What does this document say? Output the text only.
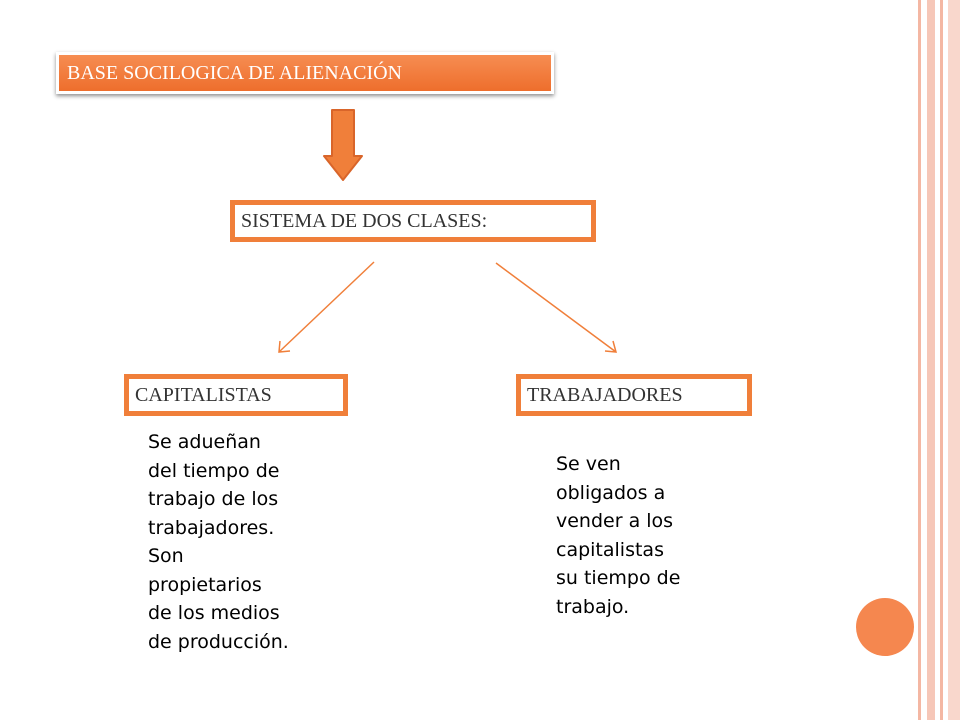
BASE SOCILOGICA DE ALIENACIÓN
SISTEMA DE DOS CLASES:
CAPITALISTAS	TRABAJADORES
Se adueñan
del tiempo de
trabajo de los
trabajadores.
Son
propietarios
de los medios
de producción.
Se ven
obligados a
vender a los
capitalistas
su tiempo de
trabajo.
